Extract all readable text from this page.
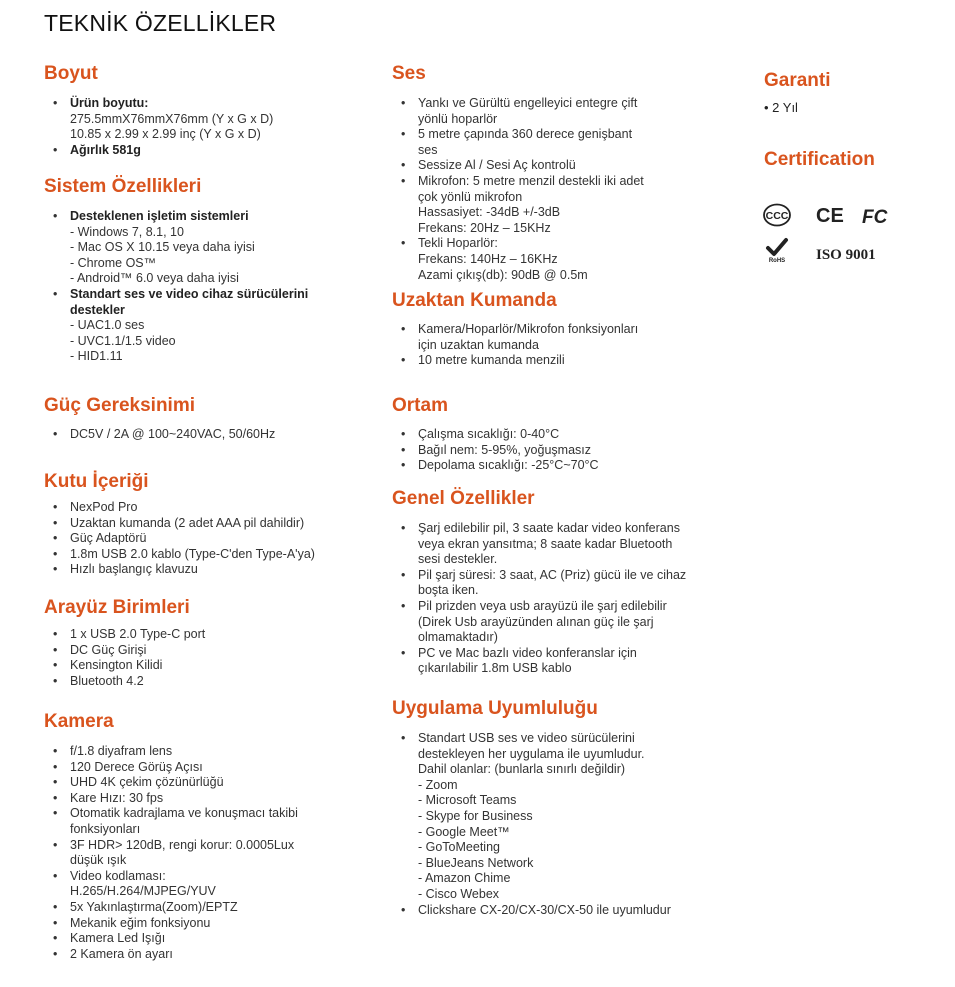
TEKNİK ÖZELLİKLER
Boyut
• Ürün boyutu:
275.5mmX76mmX76mm (Y x G x D)
10.85 x 2.99 x 2.99 inç (Y x G x D)
• Ağırlık 581g
Sistem Özellikleri
• Desteklenen işletim sistemleri
- Windows 7, 8.1, 10
- Mac OS X 10.15 veya daha iyisi
- Chrome OS™
- Android™ 6.0 veya daha iyisi
• Standart ses ve video cihaz sürücülerini destekler
- UAC1.0 ses
- UVC1.1/1.5 video
- HID1.11
Güç Gereksinimi
• DC5V / 2A @ 100~240VAC, 50/60Hz
Kutu İçeriği
• NexPod Pro
• Uzaktan kumanda (2 adet AAA pil dahildir)
• Güç Adaptörü
• 1.8m USB 2.0 kablo (Type-C'den Type-A'ya)
• Hızlı başlangıç klavuzu
Arayüz Birimleri
• 1 x USB 2.0 Type-C port
• DC Güç Girişi
• Kensington Kilidi
• Bluetooth 4.2
Kamera
• f/1.8 diyafram lens
• 120 Derece Görüş Açısı
• UHD 4K çekim çözünürlüğü
• Kare Hızı: 30 fps
• Otomatik kadrajlama ve konuşmacı takibi fonksiyonları
• 3F HDR> 120dB, rengi korur: 0.0005Lux düşük ışık
• Video kodlaması: H.265/H.264/MJPEG/YUV
• 5x Yakınlaştırma(Zoom)/EPTZ
• Mekanik eğim fonksiyonu
• Kamera Led Işığı
• 2 Kamera ön ayarı
Ses
• Yankı ve Gürültü engelleyici entegre çift yönlü hoparlör
• 5 metre çapında 360 derece genişbant ses
• Sessize Al / Sesi Aç kontrolü
• Mikrofon: 5 metre menzil destekli iki adet çok yönlü mikrofon
Hassasiyet: -34dB +/-3dB
Frekans: 20Hz – 15KHz
• Tekli Hoparlör:
Frekans: 140Hz – 16KHz
Azami çıkış(db): 90dB @ 0.5m
Uzaktan Kumanda
• Kamera/Hoparlör/Mikrofon fonksiyonları için uzaktan kumanda
• 10 metre kumanda menzili
Ortam
• Çalışma sıcaklığı: 0-40°C
• Bağıl nem: 5-95%, yoğuşmasız
• Depolama sıcaklığı: -25°C~70°C
Genel Özellikler
• Şarj edilebilir pil, 3 saate kadar video konferans veya ekran yansıtma; 8 saate kadar Bluetooth sesi destekler.
• Pil şarj süresi: 3 saat, AC (Priz) gücü ile ve cihaz boşta iken.
• Pil prizden veya usb arayüzü ile şarj edilebilir (Direk Usb arayüzünden alınan güç ile şarj olmamaktadır)
• PC ve Mac bazlı video konferanslar için çıkarılabilir 1.8m USB kablo
Uygulama Uyumluluğu
• Standart USB ses ve video sürücülerini destekleyen her uygulama ile uyumludur.
Dahil olanlar: (bunlarla sınırlı değildir)
- Zoom
- Microsoft Teams
- Skype for Business
- Google Meet™
- GoToMeeting
- BlueJeans Network
- Amazon Chime
- Cisco Webex
• Clickshare CX-20/CX-30/CX-50 ile uyumludur
Garanti
• 2 Yıl
Certification
CCC CE FC
RoHS ISO 9001
